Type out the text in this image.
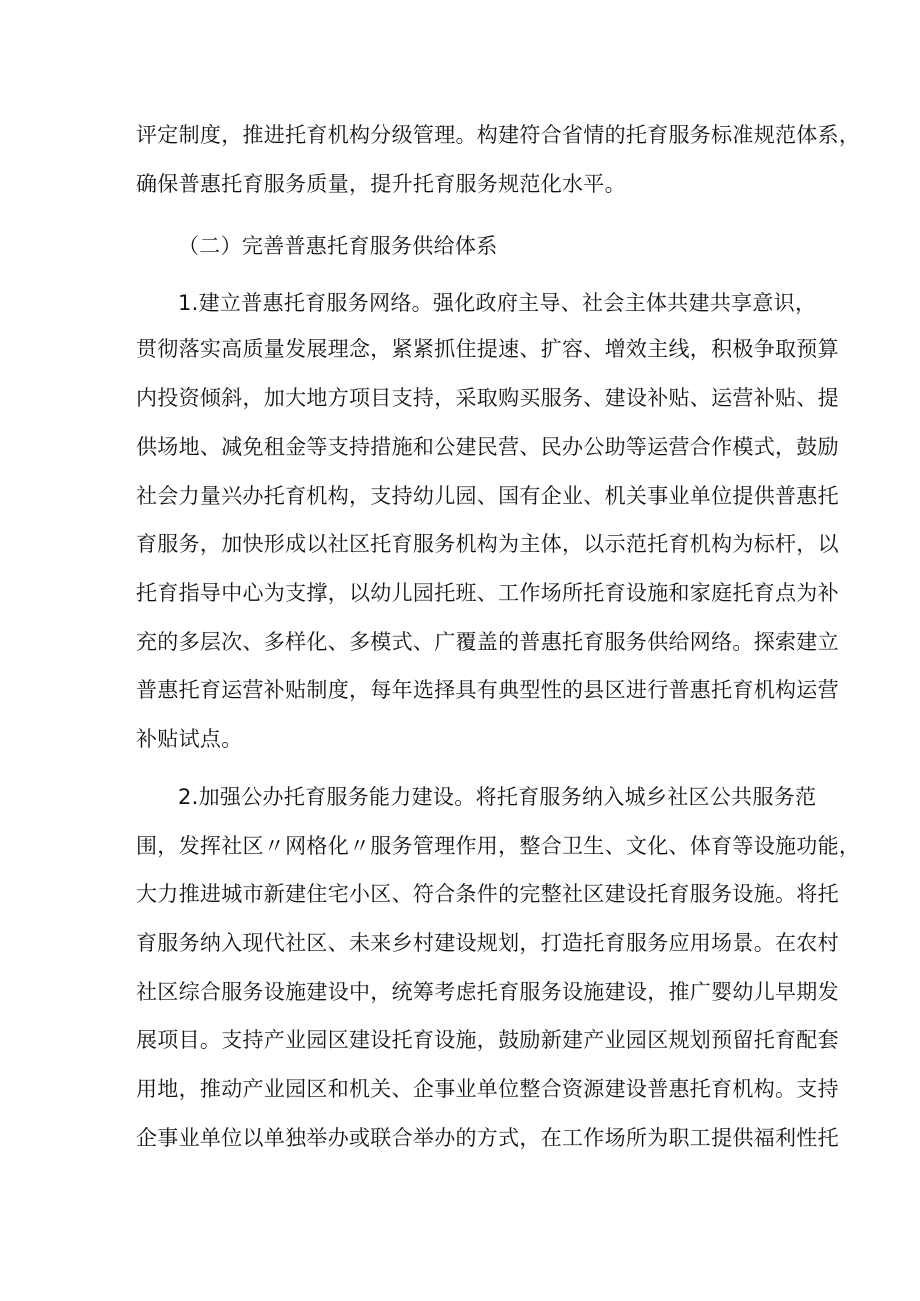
评定制度，推进托育机构分级管理。构建符合省情的托育服务标准规范体系，
确保普惠托育服务质量，提升托育服务规范化水平。
（二）完善普惠托育服务供给体系
1.建立普惠托育服务网络。强化政府主导、社会主体共建共享意识，
贯彻落实高质量发展理念，紧紧抓住提速、扩容、增效主线，积极争取预算
内投资倾斜，加大地方项目支持，采取购买服务、建设补贴、运营补贴、提
供场地、减免租金等支持措施和公建民营、民办公助等运营合作模式，鼓励
社会力量兴办托育机构，支持幼儿园、国有企业、机关事业单位提供普惠托
育服务，加快形成以社区托育服务机构为主体，以示范托育机构为标杆，以
托育指导中心为支撑，以幼儿园托班、工作场所托育设施和家庭托育点为补
充的多层次、多样化、多模式、广覆盖的普惠托育服务供给网络。探索建立
普惠托育运营补贴制度，每年选择具有典型性的县区进行普惠托育机构运营
补贴试点。
2.加强公办托育服务能力建设。将托育服务纳入城乡社区公共服务范
围，发挥社区〃网格化〃服务管理作用，整合卫生、文化、体育等设施功能，
大力推进城市新建住宅小区、符合条件的完整社区建设托育服务设施。将托
育服务纳入现代社区、未来乡村建设规划，打造托育服务应用场景。在农村
社区综合服务设施建设中，统筹考虑托育服务设施建设，推广婴幼儿早期发
展项目。支持产业园区建设托育设施，鼓励新建产业园区规划预留托育配套
用地，推动产业园区和机关、企事业单位整合资源建设普惠托育机构。支持
企事业单位以单独举办或联合举办的方式，在工作场所为职工提供福利性托
